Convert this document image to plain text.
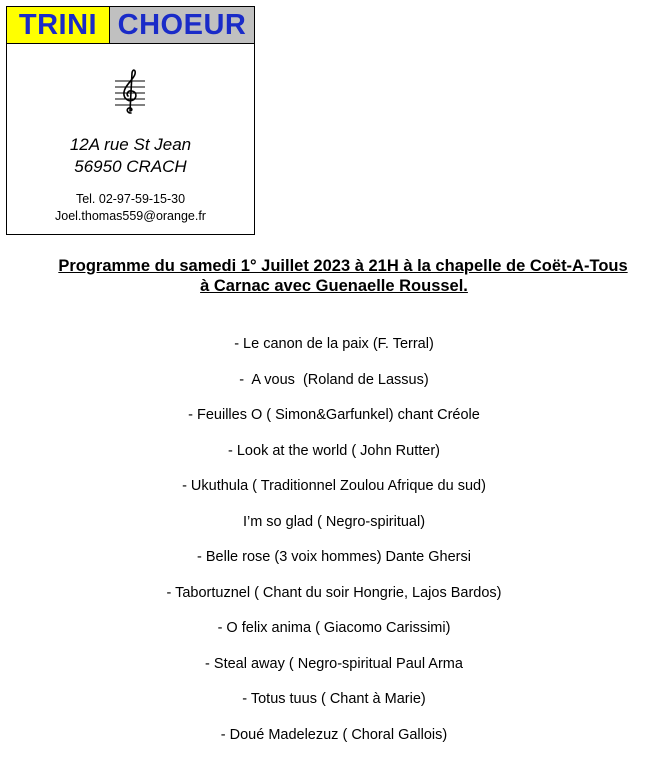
TRINI CHOEUR
12A rue St Jean
56950 CRACH
Tel. 02-97-59-15-30
Joel.thomas559@orange.fr
Programme du samedi 1° Juillet 2023 à 21H à la chapelle de Coët-A-Tous
à Carnac avec Guenaelle Roussel.
- Le canon de la paix (F. Terral)
-  A vous  (Roland de Lassus)
- Feuilles O ( Simon&Garfunkel) chant Créole
- Look at the world ( John Rutter)
- Ukuthula ( Traditionnel Zoulou Afrique du sud)
I’m so glad ( Negro-spiritual)
- Belle rose (3 voix hommes) Dante Ghersi
- Tabortuznel ( Chant du soir Hongrie, Lajos Bardos)
- O felix anima ( Giacomo Carissimi)
- Steal away ( Negro-spiritual Paul Arma
- Totus tuus ( Chant à Marie)
- Doué Madelezuz ( Choral Gallois)
